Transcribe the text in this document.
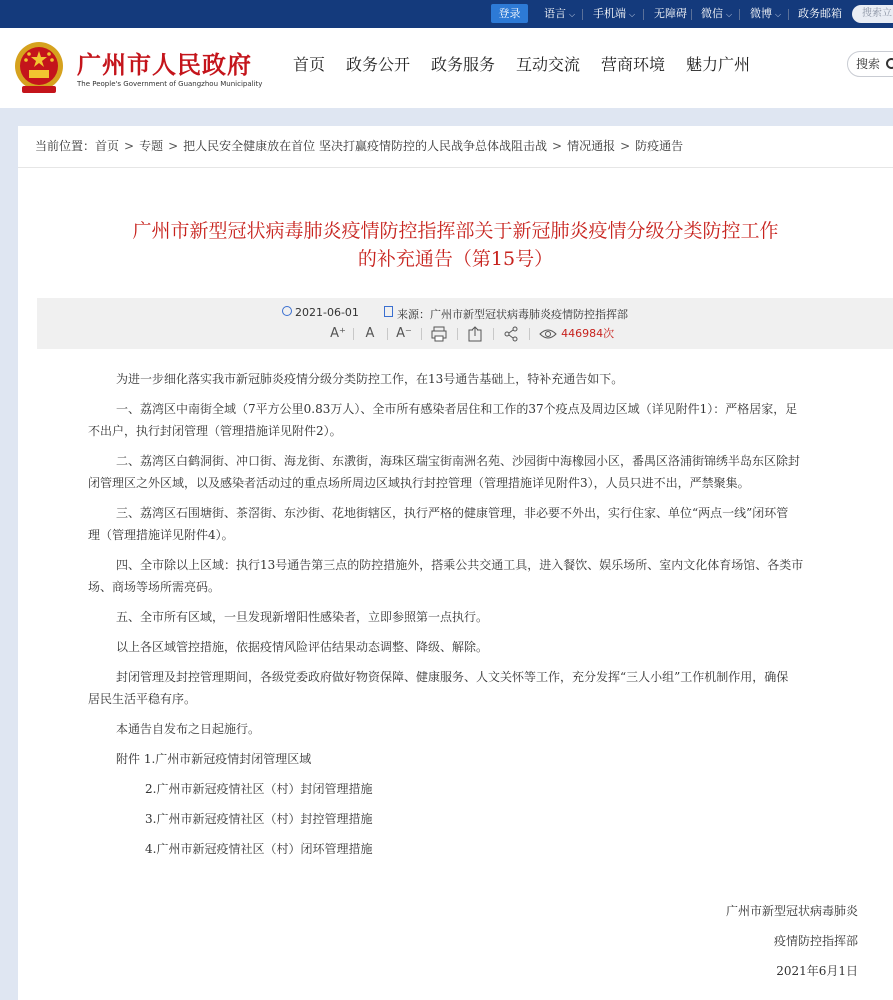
登录	语言 ⌵ 手机端 ⌵ 无障碍 微信 ⌵ 微博 ⌵ 政务邮箱	搜索立
广州市人民政府
The People's Government of Guangzhou Municipality
首页 政务公开 政务服务 互动交流 营商环境 魅力广州	搜索
当前位置：首页 > 专题 > 把人民安全健康放在首位 坚决打赢疫情防控的人民战争总体战阻击战 > 情况通报 > 防疫通告
广州市新型冠状病毒肺炎疫情防控指挥部关于新冠肺炎疫情分级分类防控工作
的补充通告（第15号）
2021-06-01	来源：广州市新型冠状病毒肺炎疫情防控指挥部
A⁺	A	A⁻	446984次
为进一步细化落实我市新冠肺炎疫情分级分类防控工作，在13号通告基础上，特补充通告如下。
一、荔湾区中南街全域（7平方公里0.83万人）、全市所有感染者居住和工作的37个疫点及周边区域（详见附件1）：严格居家，足
不出户，执行封闭管理（管理措施详见附件2）。
二、荔湾区白鹤洞街、冲口街、海龙街、东漖街，海珠区瑞宝街南洲名苑、沙园街中海橡园小区，番禺区洛浦街锦绣半岛东区除封
闭管理区之外区域，以及感染者活动过的重点场所周边区域执行封控管理（管理措施详见附件3），人员只进不出，严禁聚集。
三、荔湾区石围塘街、茶滘街、东沙街、花地街辖区，执行严格的健康管理，非必要不外出，实行住家、单位“两点一线”闭环管
理（管理措施详见附件4）。
四、全市除以上区域：执行13号通告第三点的防控措施外，搭乘公共交通工具，进入餐饮、娱乐场所、室内文化体育场馆、各类市
场、商场等场所需亮码。
五、全市所有区域，一旦发现新增阳性感染者，立即参照第一点执行。
以上各区域管控措施，依据疫情风险评估结果动态调整、降级、解除。
封闭管理及封控管理期间，各级党委政府做好物资保障、健康服务、人文关怀等工作，充分发挥“三人小组”工作机制作用，确保
居民生活平稳有序。
本通告自发布之日起施行。
附件 1.广州市新冠疫情封闭管理区域
2.广州市新冠疫情社区（村）封闭管理措施
3.广州市新冠疫情社区（村）封控管理措施
4.广州市新冠疫情社区（村）闭环管理措施
广州市新型冠状病毒肺炎
疫情防控指挥部
2021年6月1日
